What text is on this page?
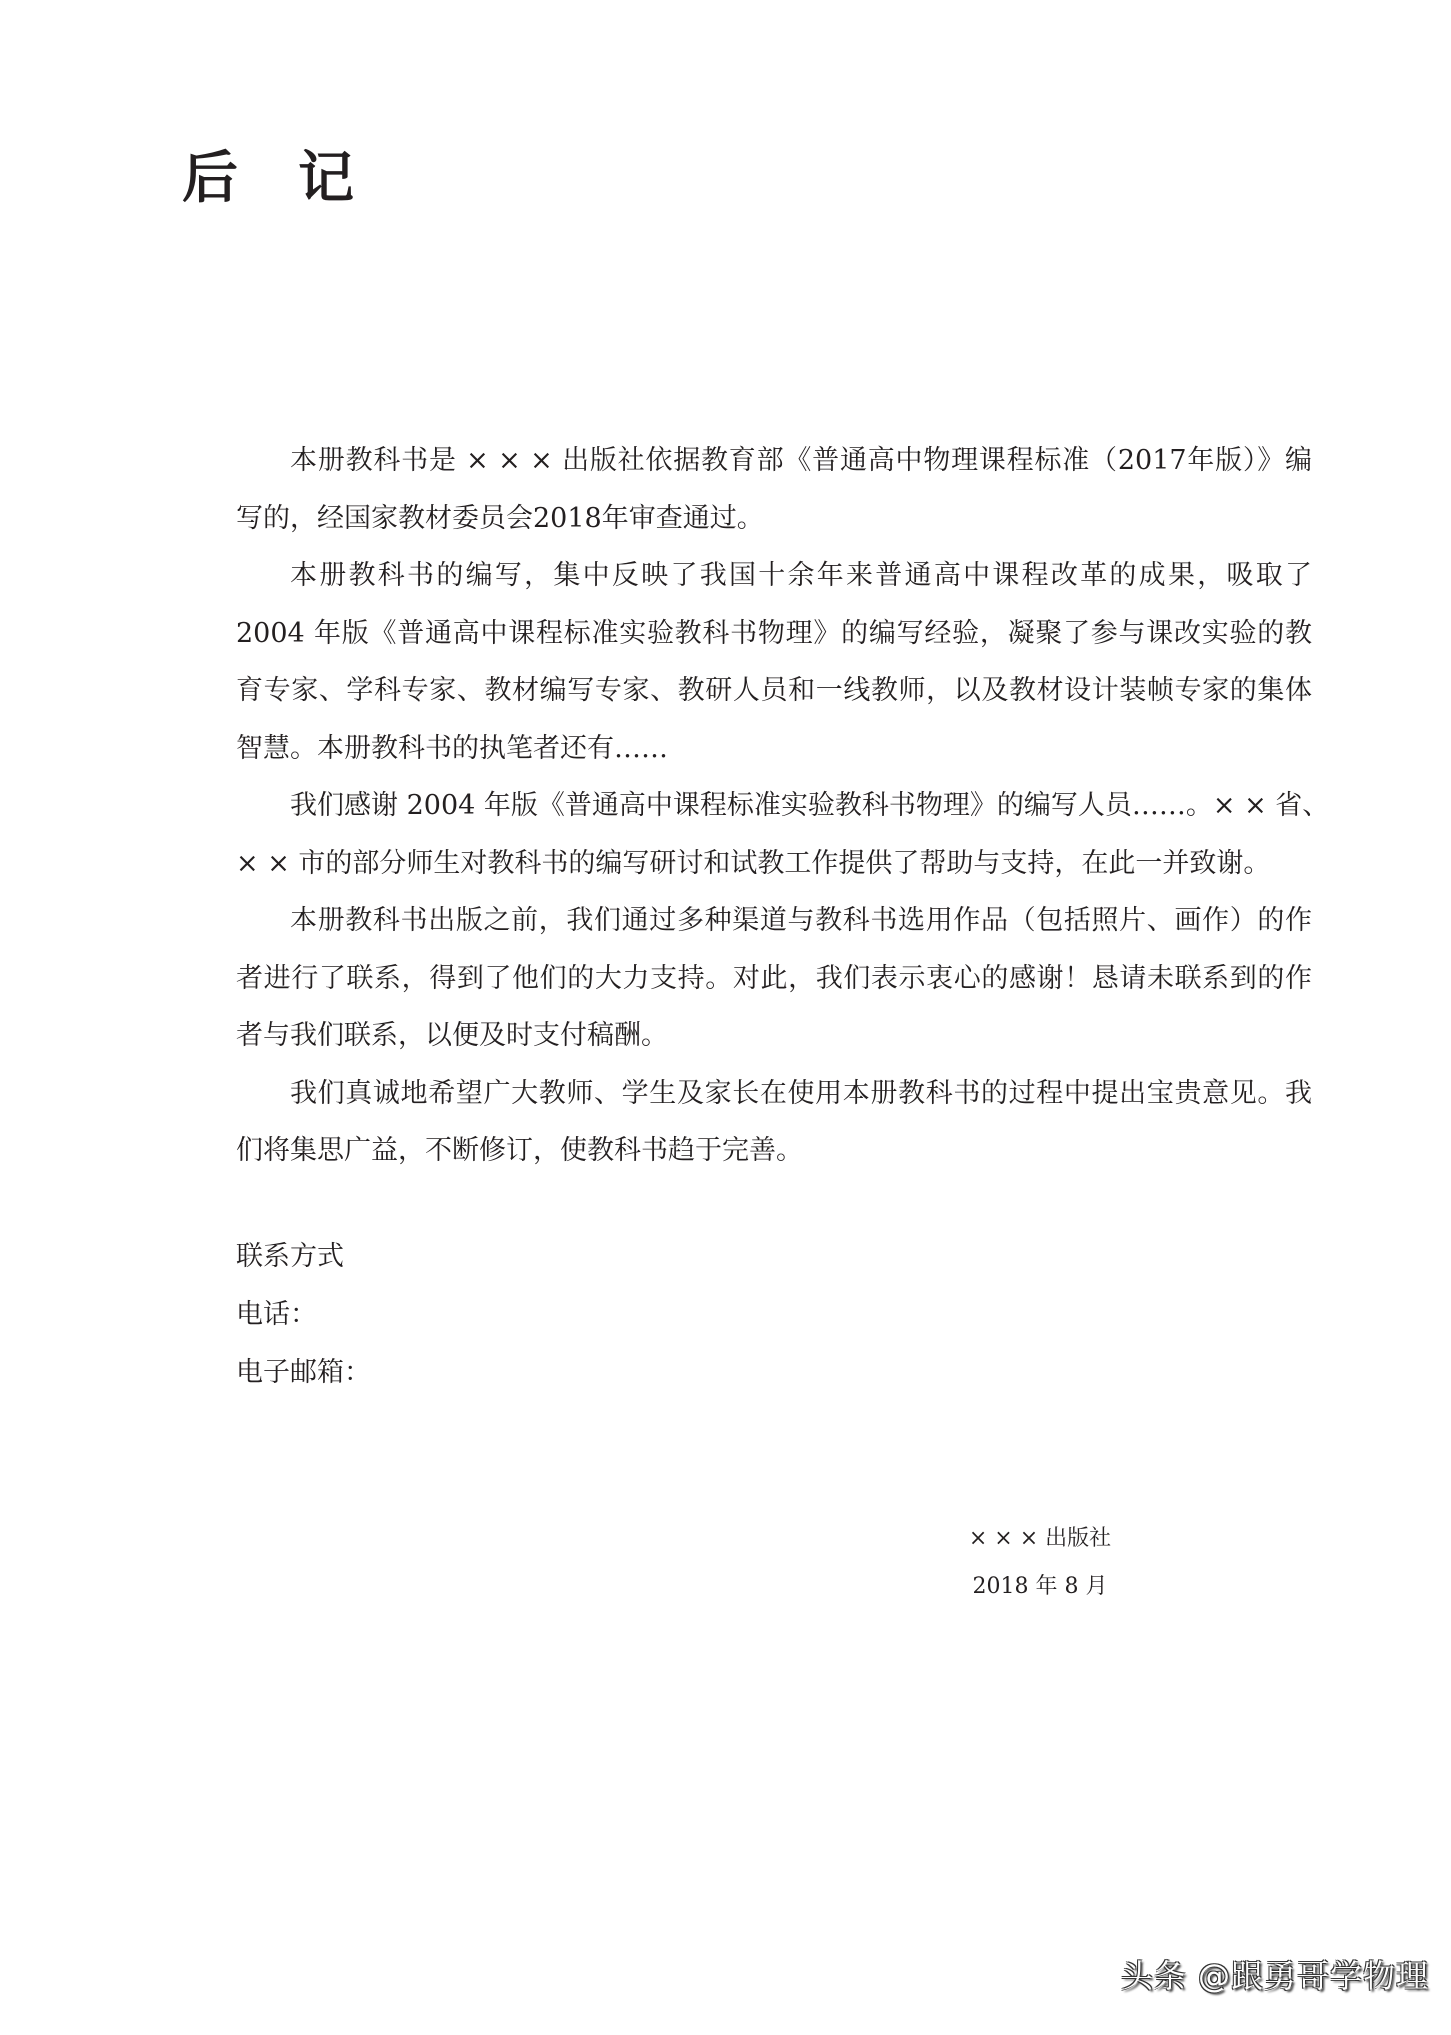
后 记
本册教科书是 × × × 出版社依据教育部《普通高中物理课程标准（2017年版）》编
写的，经国家教材委员会2018年审查通过。
本册教科书的编写，集中反映了我国十余年来普通高中课程改革的成果，吸取了
2004 年版《普通高中课程标准实验教科书物理》的编写经验，凝聚了参与课改实验的教
育专家、学科专家、教材编写专家、教研人员和一线教师，以及教材设计装帧专家的集体
智慧。本册教科书的执笔者还有……
我们感谢 2004 年版《普通高中课程标准实验教科书物理》的编写人员……。× × 省、
× × 市的部分师生对教科书的编写研讨和试教工作提供了帮助与支持，在此一并致谢。
本册教科书出版之前，我们通过多种渠道与教科书选用作品（包括照片、画作）的作
者进行了联系，得到了他们的大力支持。对此，我们表示衷心的感谢！恳请未联系到的作
者与我们联系，以便及时支付稿酬。
我们真诚地希望广大教师、学生及家长在使用本册教科书的过程中提出宝贵意见。我
们将集思广益，不断修订，使教科书趋于完善。
联系方式
电话：
电子邮箱：
× × × 出版社
2018 年 8 月
头条 @跟勇哥学物理
